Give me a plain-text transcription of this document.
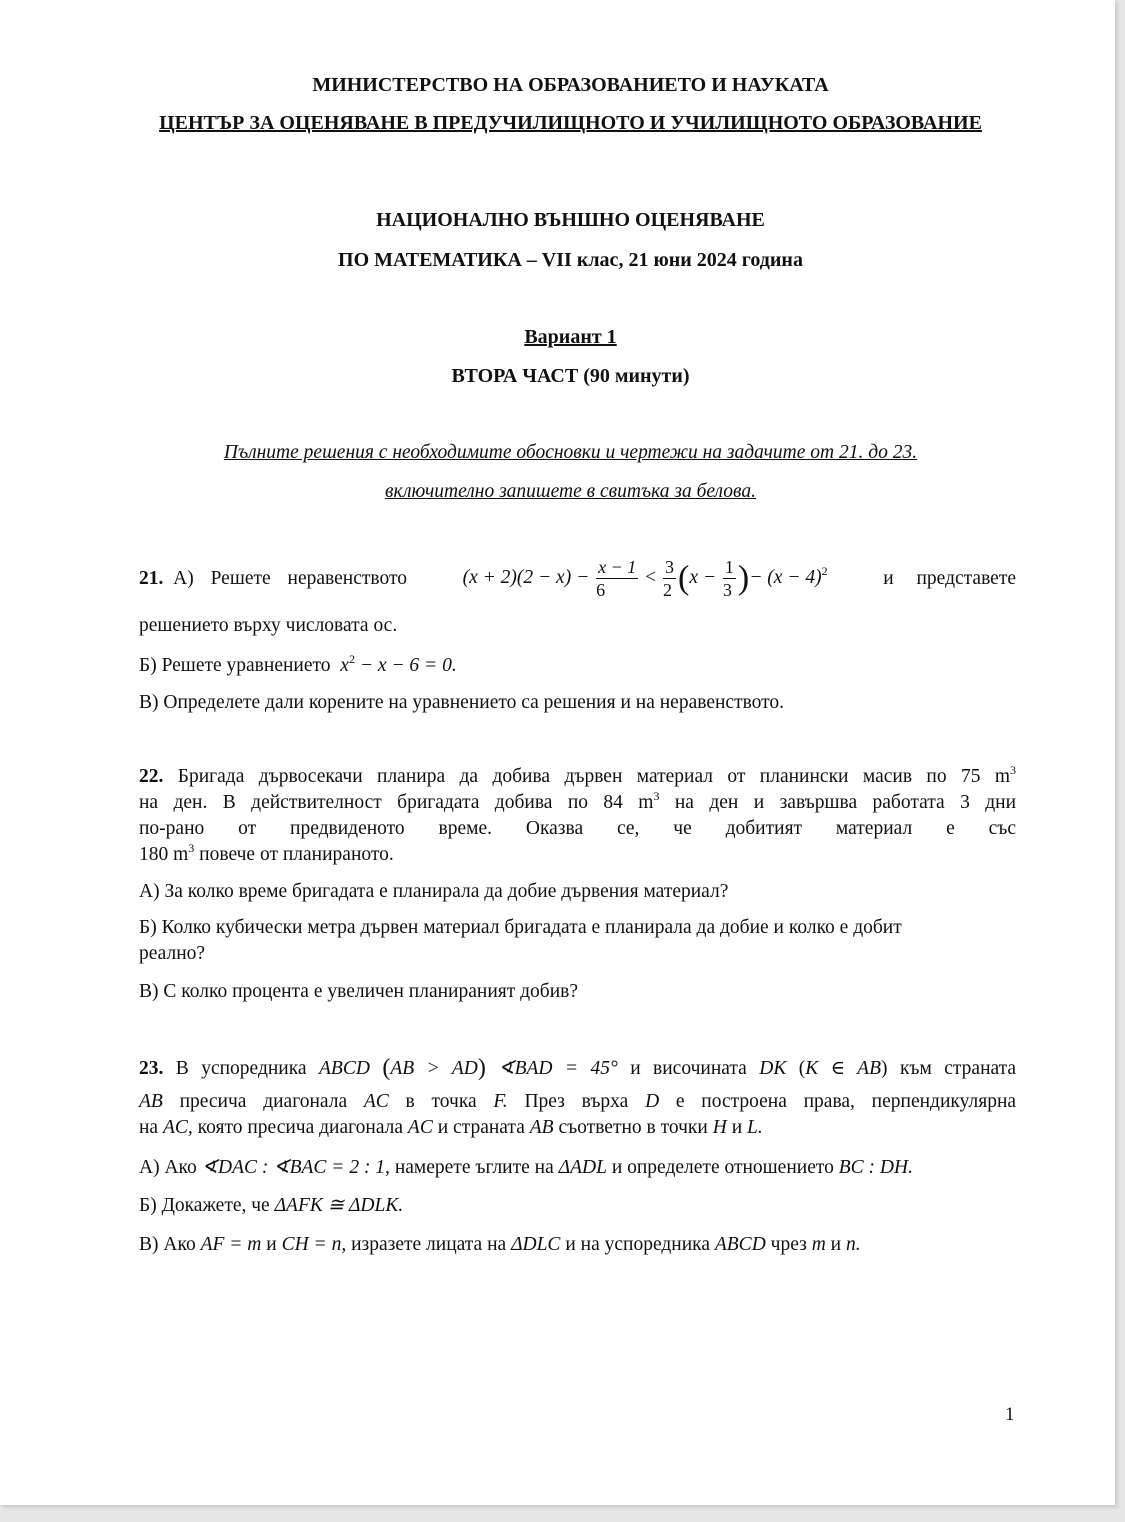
МИНИСТЕРСТВО НА ОБРАЗОВАНИЕТО И НАУКАТА
ЦЕНТЪР ЗА ОЦЕНЯВАНЕ В ПРЕДУЧИЛИЩНОТО И УЧИЛИЩНОТО ОБРАЗОВАНИЕ
НАЦИОНАЛНО ВЪНШНО ОЦЕНЯВАНЕ
ПО МАТЕМАТИКА – VII клас, 21 юни 2024 година
Вариант 1
ВТОРА ЧАСТ (90 минути)
Пълните решения с необходимите обосновки и чертежи на задачите от 21. до 23.
включително запишете в свитъка за белова.
21. А) Решете неравенството	$(x + 2)(2 - x) - \frac{x - 1}{6} < \frac{3}{2} (x - \frac{1}{3}$ )− $(x - 4)^2$	и представете
решението върху числовата ос.
Б) Решете уравнението $x^2 - x - 6 = 0$.
В) Определете дали корените на уравнението са решения и на неравенството.
22. Бригада дървосекачи планира да добива дървен материал от планински масив по 75 $m^3$
на ден. В действителност бригадата добива по 84 $m^3$ на ден и завършва работата 3 дни
по-рано от предвиденото време. Оказва се, че добитият материал е със
180 $m^3$ повече от планираното.
А) За колко време бригадата е планирала да добие дървения материал?
Б) Колко кубически метра дървен материал бригадата е планирала да добие и колко е добит
реално?
В) С колко процента е увеличен планираният добив?
23. В успоредника ABCD (AB > AD) ∢BAD = 45° и височината DK (K ∈ AB) към страната
AB пресича диагонала AC в точка F. През върха D е построена права, перпендикулярна
на AC, която пресича диагонала AC и страната AB съответно в точки H и L.
А) Ако ∢DAC : ∢BAC = 2 : 1, намерете ъглите на ΔADL и определете отношението BC : DH.
Б) Докажете, че ΔAFK ≅ ΔDLK.
В) Ако AF = m и CH = n, изразете лицата на ΔDLC и на успоредника ABCD чрез m и n.
1
